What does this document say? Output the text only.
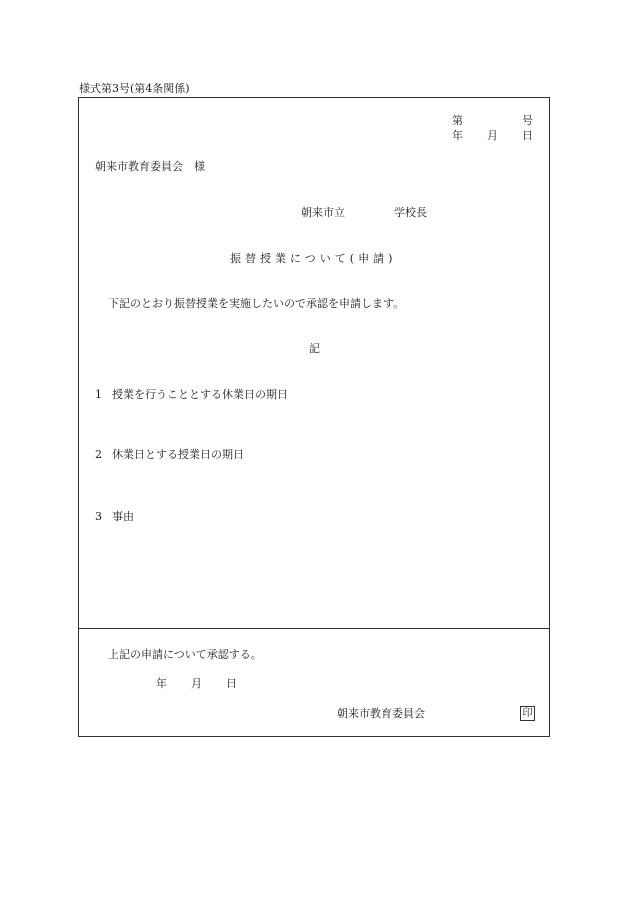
様式第3号(第4条関係)
第	号
年 月 日
朝来市教育委員会　様
朝来市立	学校長
振替授業について(申請)
下記のとおり振替授業を実施したいので承認を申請します。
記
1 授業を行うこととする休業日の期日
2 休業日とする授業日の期日
3 事由
上記の申請について承認する。
年 月 日
朝来市教育委員会	印
